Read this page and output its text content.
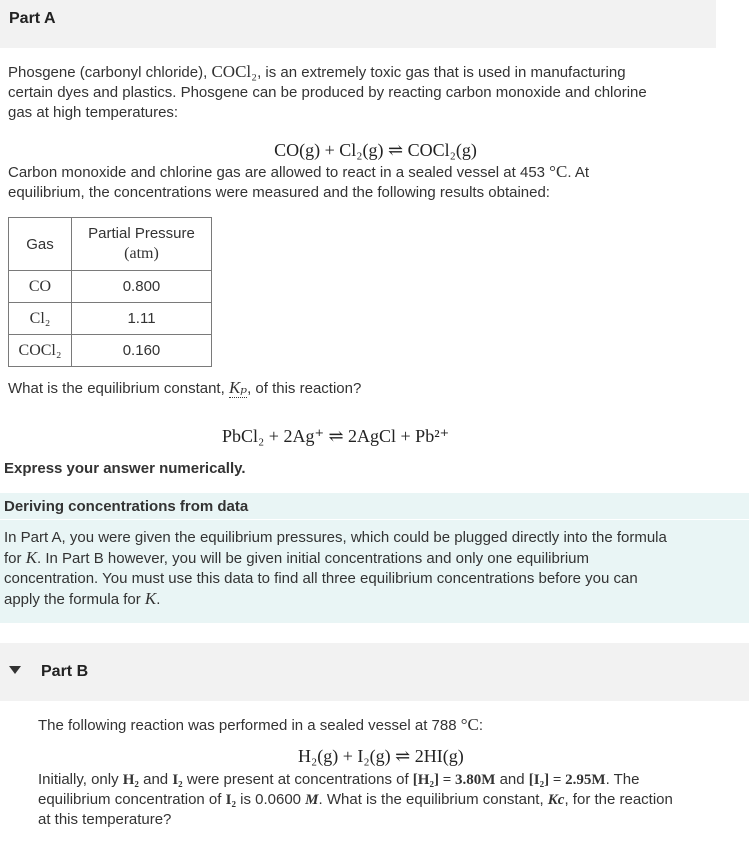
Part A
Phosgene (carbonyl chloride), COCl₂, is an extremely toxic gas that is used in manufacturing
certain dyes and plastics. Phosgene can be produced by reacting carbon monoxide and chlorine
gas at high temperatures:
CO(g) + Cl₂(g) ⇌ COCl₂(g)
Carbon monoxide and chlorine gas are allowed to react in a sealed vessel at 453 °C. At
equilibrium, the concentrations were measured and the following results obtained:
Gas	Partial Pressure
(atm)
CO	0.800
Cl₂	1.11
COCl₂	0.160
What is the equilibrium constant, Kₚ, of this reaction?
PbCl₂ + 2Ag⁺ ⇌ 2AgCl + Pb²⁺
Express your answer numerically.
Deriving concentrations from data
In Part A, you were given the equilibrium pressures, which could be plugged directly into the formula
for K. In Part B however, you will be given initial concentrations and only one equilibrium
concentration. You must use this data to find all three equilibrium concentrations before you can
apply the formula for K.
Part B
The following reaction was performed in a sealed vessel at 788 °C:
H₂(g) + I₂(g) ⇌ 2HI(g)
Initially, only H₂ and I₂ were present at concentrations of [H₂] = 3.80M and [I₂] = 2.95M. The
equilibrium concentration of I₂ is 0.0600 M. What is the equilibrium constant, Kc, for the reaction
at this temperature?
